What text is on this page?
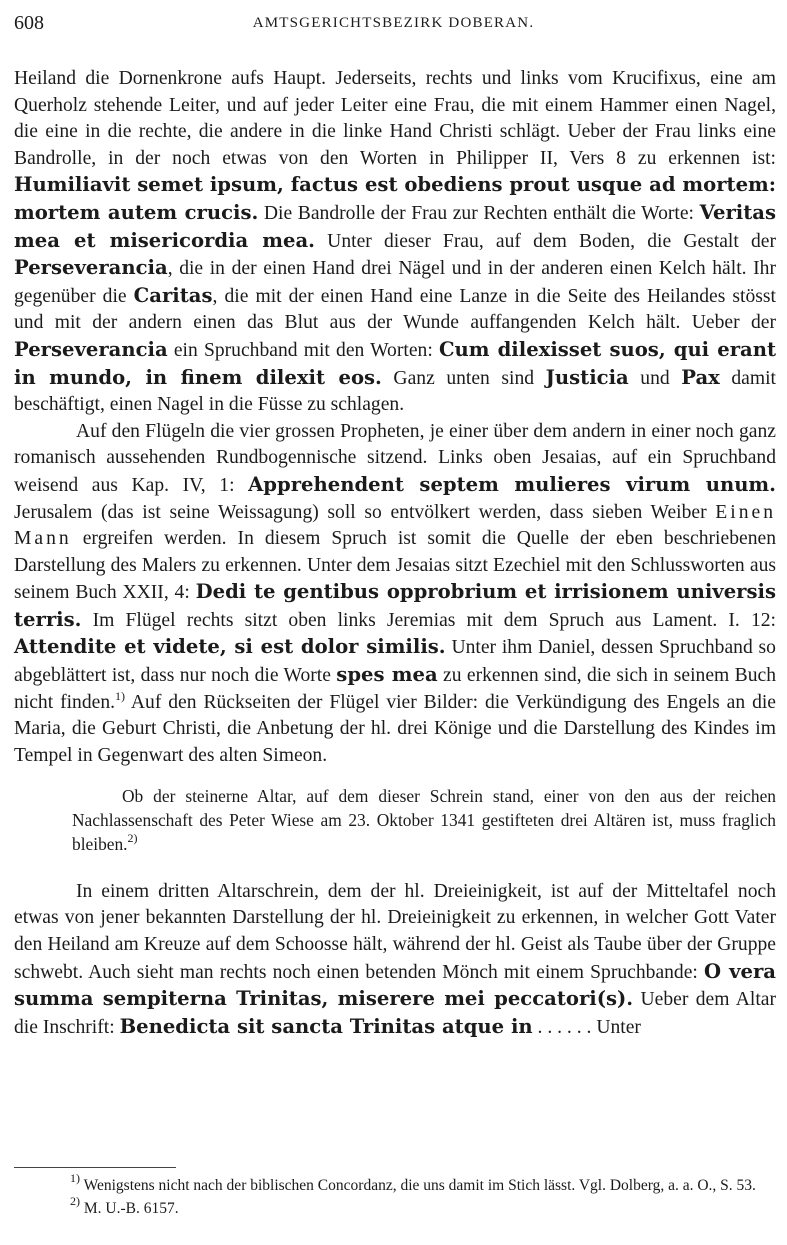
608	AMTSGERICHTSBEZIRK DOBERAN.

Heiland die Dornenkrone aufs Haupt. Jederseits, rechts und links vom Krucifixus, eine am Querholz stehende Leiter, und auf jeder Leiter eine Frau, die mit einem Hammer einen Nagel, die eine in die rechte, die andere in die linke Hand Christi schlägt. Ueber der Frau links eine Bandrolle, in der noch etwas von den Worten in Philipper II, Vers 8 zu erkennen ist: Humiliavit semet ipsum, factus est obediens prout usque ad mortem: mortem autem crucis. Die Bandrolle der Frau zur Rechten enthält die Worte: Veritas mea et misericordia mea. Unter dieser Frau, auf dem Boden, die Gestalt der Perseverancia, die in der einen Hand drei Nägel und in der anderen einen Kelch hält. Ihr gegenüber die Caritas, die mit der einen Hand eine Lanze in die Seite des Heilandes stösst und mit der andern einen das Blut aus der Wunde auffangenden Kelch hält. Ueber der Perseverancia ein Spruchband mit den Worten: Cum dilexisset suos, qui erant in mundo, in finem dilexit eos. Ganz unten sind Justicia und Pax damit beschäftigt, einen Nagel in die Füsse zu schlagen.

Auf den Flügeln die vier grossen Propheten, je einer über dem andern in einer noch ganz romanisch aussehenden Rundbogennische sitzend. Links oben Jesaias, auf ein Spruchband weisend aus Kap. IV, 1: Apprehendent septem mulieres virum unum. Jerusalem (das ist seine Weissagung) soll so entvölkert werden, dass sieben Weiber Einen Mann ergreifen werden. In diesem Spruch ist somit die Quelle der eben beschriebenen Darstellung des Malers zu erkennen. Unter dem Jesaias sitzt Ezechiel mit den Schlussworten aus seinem Buch XXII, 4: Dedi te gentibus opprobrium et irrisionem universis terris. Im Flügel rechts sitzt oben links Jeremias mit dem Spruch aus Lament. I. 12: Attendite et videte, si est dolor similis. Unter ihm Daniel, dessen Spruchband so abgeblättert ist, dass nur noch die Worte spes mea zu erkennen sind, die sich in seinem Buch nicht finden.$^{1)}$ Auf den Rückseiten der Flügel vier Bilder: die Verkündigung des Engels an die Maria, die Geburt Christi, die Anbetung der hl. drei Könige und die Darstellung des Kindes im Tempel in Gegenwart des alten Simeon.

Ob der steinerne Altar, auf dem dieser Schrein stand, einer von den aus der reichen Nachlassenschaft des Peter Wiese am 23. Oktober 1341 gestifteten drei Altären ist, muss fraglich bleiben.$^{2)}$

In einem dritten Altarschrein, dem der hl. Dreieinigkeit, ist auf der Mitteltafel noch etwas von jener bekannten Darstellung der hl. Dreieinigkeit zu erkennen, in welcher Gott Vater den Heiland am Kreuze auf dem Schoosse hält, während der hl. Geist als Taube über der Gruppe schwebt. Auch sieht man rechts noch einen betenden Mönch mit einem Spruchbande: O vera summa sempiterna Trinitas, miserere mei peccatori(s). Ueber dem Altar die Inschrift: Benedicta sit sancta Trinitas atque in . . . . . . Unter

$^{1)}$ Wenigstens nicht nach der biblischen Concordanz, die uns damit im Stich lässt. Vgl. Dolberg, a. a. O., S. 53.

$^{2)}$ M. U.-B. 6157.
